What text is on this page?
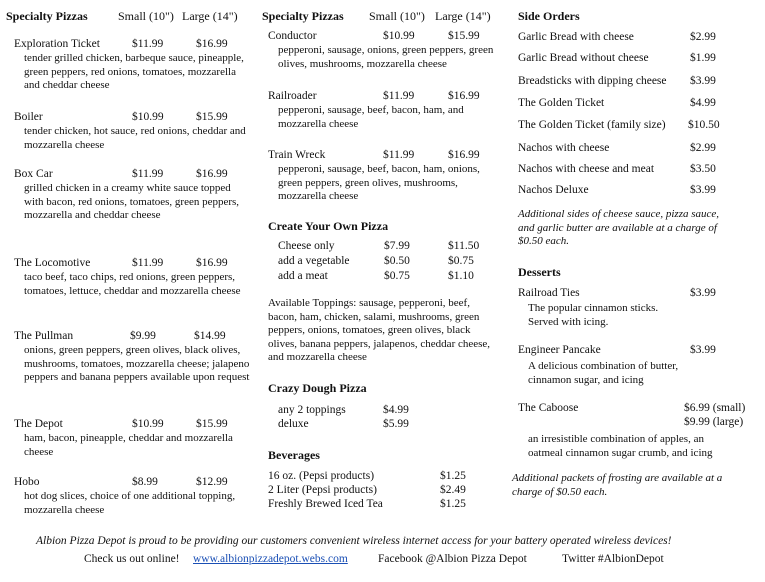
Specialty Pizzas	Small (10") Large (14")
Exploration Ticket	$11.99	$16.99
tender grilled chicken, barbeque sauce, pineapple, green peppers, red onions, tomatoes, mozzarella and cheddar cheese
Boiler	$10.99	$15.99
tender chicken, hot sauce, red onions, cheddar and mozzarella cheese
Box Car	$11.99	$16.99
grilled chicken in a creamy white sauce topped with bacon, red onions, tomatoes, green peppers, mozzarella and cheddar cheese
The Locomotive	$11.99	$16.99
taco beef, taco chips, red onions, green peppers, tomatoes, lettuce, cheddar and mozzarella cheese
The Pullman	$9.99	$14.99
onions, green peppers, green olives, black olives, mushrooms, tomatoes, mozzarella cheese; jalapeno peppers and banana peppers available upon request
The Depot	$10.99	$15.99
ham, bacon, pineapple, cheddar and mozzarella cheese
Hobo	$8.99	$12.99
hot dog slices, choice of one additional topping, mozzarella cheese
Specialty Pizzas Small (10") Large (14")
Conductor	$10.99	$15.99
pepperoni, sausage, onions, green peppers, green olives, mushrooms, mozzarella cheese
Railroader	$11.99	$16.99
pepperoni, sausage, beef, bacon, ham, and mozzarella cheese
Train Wreck	$11.99	$16.99
pepperoni, sausage, beef, bacon, ham, onions, green peppers, green olives, mushrooms, mozzarella cheese
Create Your Own Pizza
Cheese only	$7.99	$11.50
add a vegetable	$0.50	$0.75
add a meat	$0.75	$1.10
Available Toppings: sausage, pepperoni, beef, bacon, ham, chicken, salami, mushrooms, green peppers, onions, tomatoes, green olives, black olives, banana peppers, jalapenos, cheddar cheese, and mozzarella cheese
Crazy Dough Pizza
any 2 toppings	$4.99
deluxe	$5.99
Beverages
16 oz. (Pepsi products)	$1.25
2 Liter (Pepsi products)	$2.49
Freshly Brewed Iced Tea	$1.25
Side Orders
Garlic Bread with cheese	$2.99
Garlic Bread without cheese	$1.99
Breadsticks with dipping cheese $3.99
The Golden Ticket	$4.99
The Golden Ticket (family size) $10.50
Nachos with cheese	$2.99
Nachos with cheese and meat	$3.50
Nachos Deluxe	$3.99
Additional sides of cheese sauce, pizza sauce, and garlic butter are available at a charge of $0.50 each.
Desserts
Railroad Ties	$3.99
The popular cinnamon sticks. Served with icing.
Engineer Pancake	$3.99
A delicious combination of butter, cinnamon sugar, and icing
The Caboose	$6.99 (small)
$9.99 (large)
an irresistible combination of apples, an oatmeal cinnamon sugar crumb, and icing
Additional packets of frosting are available at a charge of $0.50 each.
Albion Pizza Depot is proud to be providing our customers convenient wireless internet access for your battery operated wireless devices!
Check us out online! www.albionpizzadepot.webs.com	Facebook @Albion Pizza Depot	Twitter #AlbionDepot
